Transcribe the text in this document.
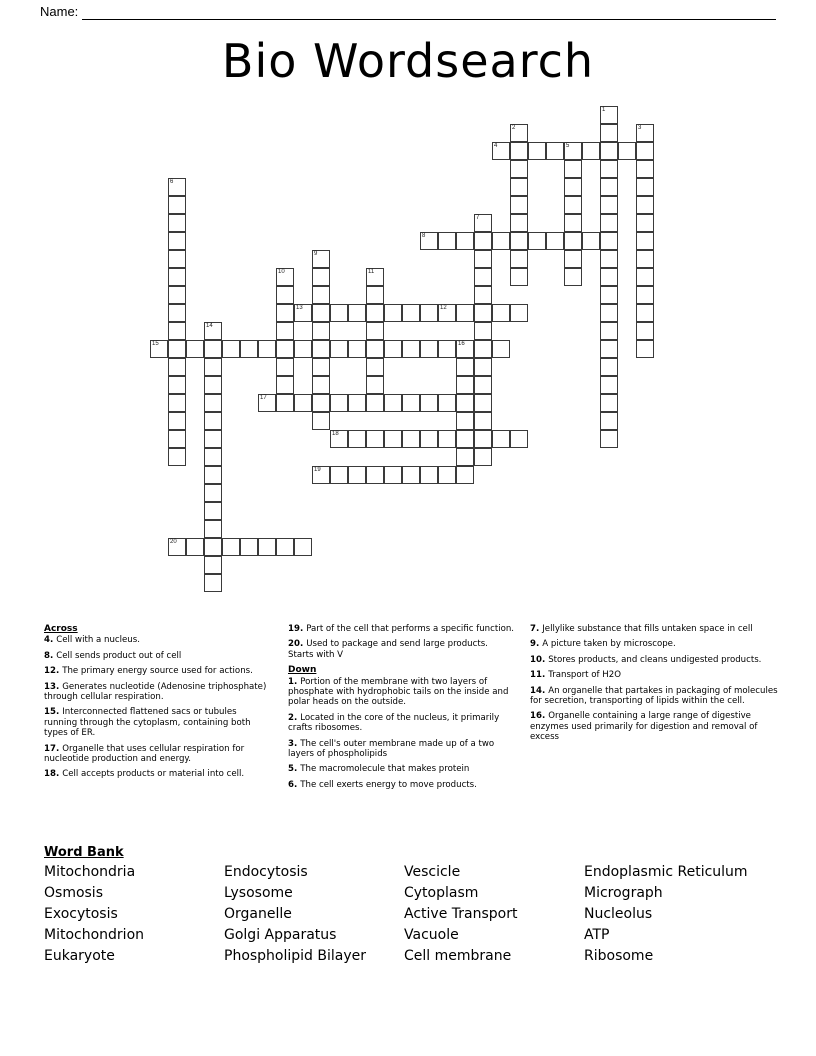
Name:
Bio Wordsearch
1
2	3
4	5
6
7
8
9
10	11
12
13
14
15	16
17
18
19
20
Across
4. Cell with a nucleus.
8. Cell sends product out of cell
12. The primary energy source used for actions.
13. Generates nucleotide (Adenosine triphosphate) through cellular respiration.
15. Interconnected flattened sacs or tubules running through the cytoplasm, containing both types of ER.
17. Organelle that uses cellular respiration for nucleotide production and energy.
18. Cell accepts products or material into cell.
19. Part of the cell that performs a specific function.
20. Used to package and send large products. Starts with V
Down
1. Portion of the membrane with two layers of phosphate with hydrophobic tails on the inside and polar heads on the outside.
2. Located in the core of the nucleus, it primarily crafts ribosomes.
3. The cell's outer membrane made up of a two layers of phospholipids
5. The macromolecule that makes protein
6. The cell exerts energy to move products.
7. Jellylike substance that fills untaken space in cell
9. A picture taken by microscope.
10. Stores products, and cleans undigested products.
11. Transport of H2O
14. An organelle that partakes in packaging of molecules for secretion, transporting of lipids within the cell.
16. Organelle containing a large range of digestive enzymes used primarily for digestion and removal of excess
Word Bank
Mitochondria	Endocytosis	Vescicle	Endoplasmic Reticulum
Osmosis	Lysosome	Cytoplasm	Micrograph
Exocytosis	Organelle	Active Transport	Nucleolus
Mitochondrion	Golgi Apparatus	Vacuole	ATP
Eukaryote	Phospholipid Bilayer	Cell membrane	Ribosome
